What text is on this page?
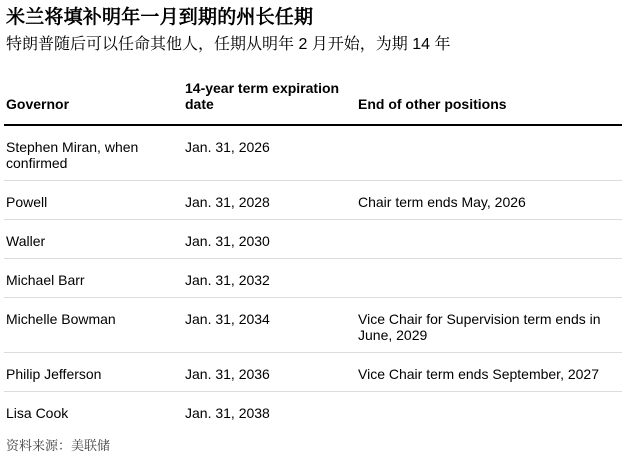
米兰将填补明年一月到期的州长任期

特朗普随后可以任命其他人，任期从明年 2 月开始，为期 14 年

Governor	14-year term expiration date	End of other positions
Stephen Miran, when confirmed	Jan. 31, 2026	
Powell	Jan. 31, 2028	Chair term ends May, 2026
Waller	Jan. 31, 2030	
Michael Barr	Jan. 31, 2032	
Michelle Bowman	Jan. 31, 2034	Vice Chair for Supervision term ends in June, 2029
Philip Jefferson	Jan. 31, 2036	Vice Chair term ends September, 2027
Lisa Cook	Jan. 31, 2038	

资料来源：美联储
